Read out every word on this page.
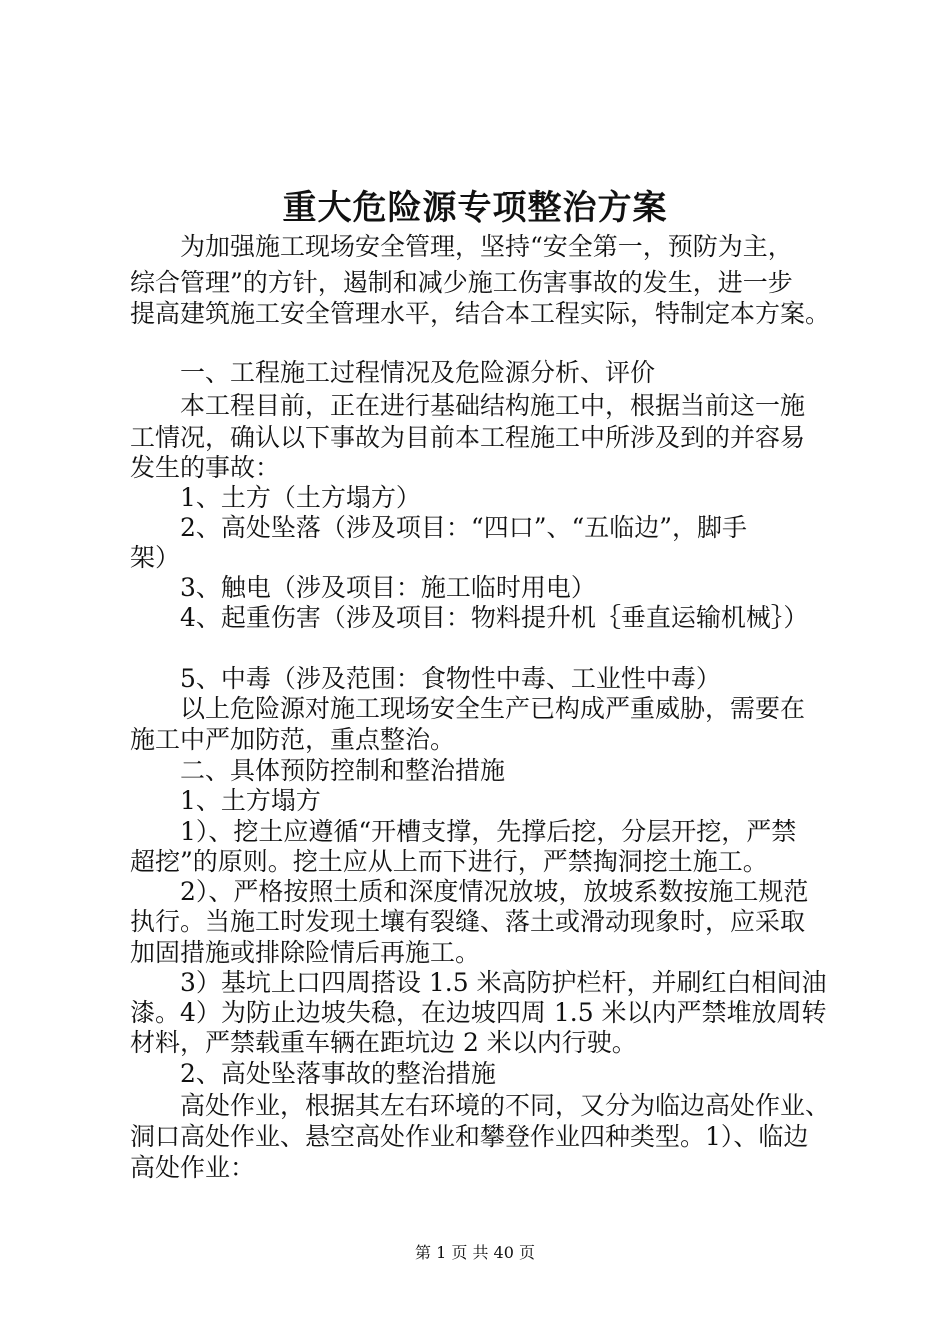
重大危险源专项整治方案
为加强施工现场安全管理，坚持“安全第一，预防为主，
综合管理”的方针，遏制和减少施工伤害事故的发生，进一步
提高建筑施工安全管理水平，结合本工程实际，特制定本方案。
一、工程施工过程情况及危险源分析、评价
本工程目前，正在进行基础结构施工中，根据当前这一施
工情况，确认以下事故为目前本工程施工中所涉及到的并容易
发生的事故：
1、土方（土方塌方）
2、高处坠落（涉及项目：“四口”、“五临边”，脚手
架）
3、触电（涉及项目：施工临时用电）
4、起重伤害（涉及项目：物料提升机｛垂直运输机械｝）
5、中毒（涉及范围：食物性中毒、工业性中毒）
以上危险源对施工现场安全生产已构成严重威胁，需要在
施工中严加防范，重点整治。
二、具体预防控制和整治措施
1、土方塌方
1）、挖土应遵循“开槽支撑，先撑后挖，分层开挖，严禁
超挖”的原则。挖土应从上而下进行，严禁掏洞挖土施工。
2）、严格按照土质和深度情况放坡，放坡系数按施工规范
执行。当施工时发现土壤有裂缝、落土或滑动现象时，应采取
加固措施或排除险情后再施工。
3）基坑上口四周搭设 1.5 米高防护栏杆，并刷红白相间油
漆。4）为防止边坡失稳，在边坡四周 1.5 米以内严禁堆放周转
材料，严禁载重车辆在距坑边 2 米以内行驶。
2、高处坠落事故的整治措施
高处作业，根据其左右环境的不同，又分为临边高处作业、
洞口高处作业、悬空高处作业和攀登作业四种类型。1）、临边
高处作业：
第 1 页 共 40 页
